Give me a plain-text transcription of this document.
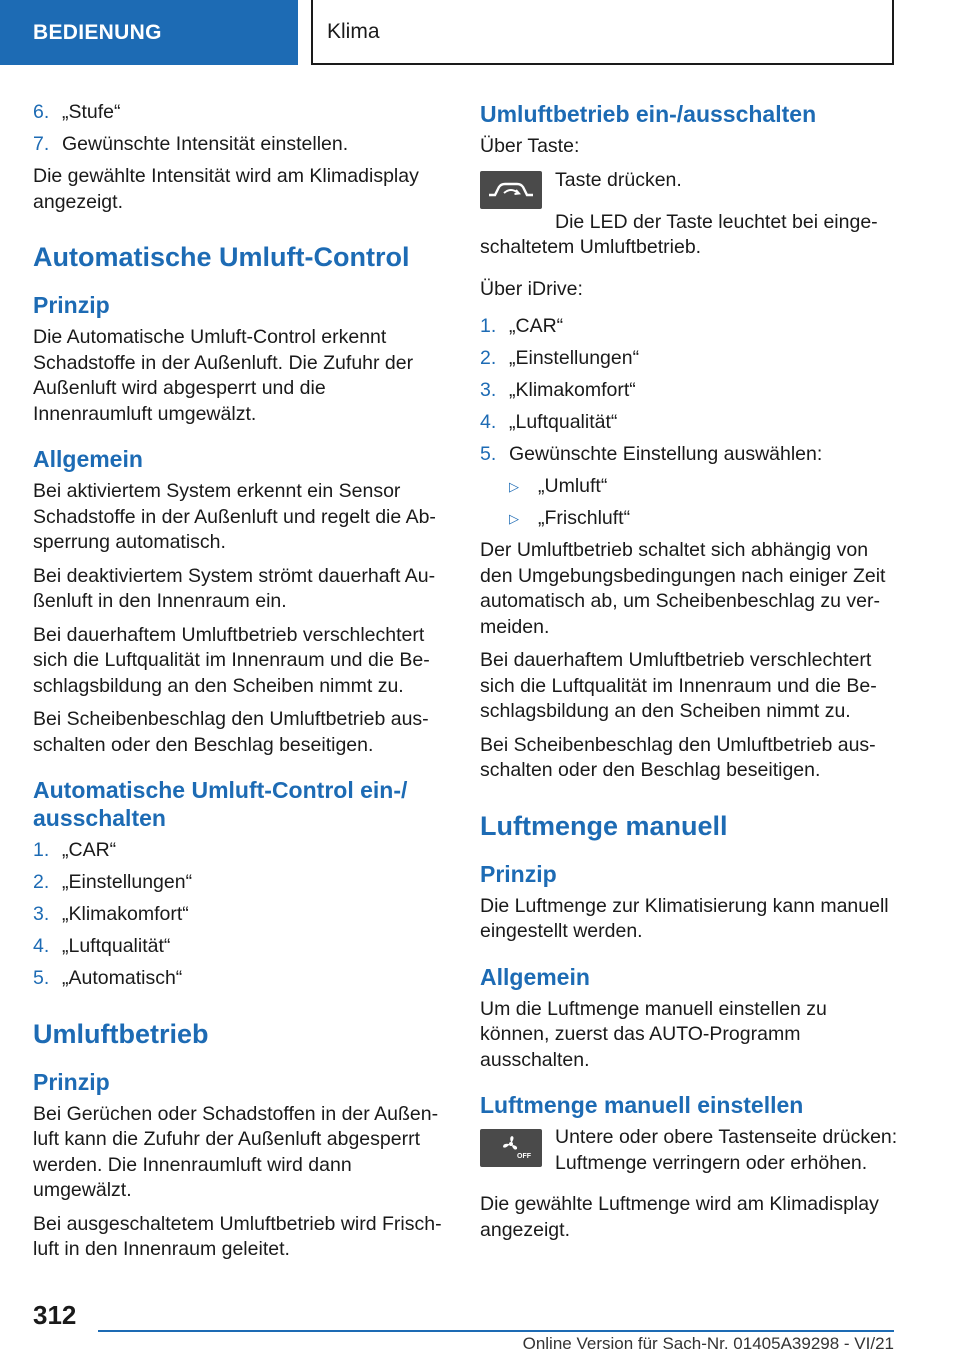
BEDIENUNG	Klima
6. „Stufe“
7. Gewünschte Intensität einstellen.

Die gewählte Intensität wird am Klimadisplay angezeigt.

Automatische Umluft-Control
Prinzip

Die Automatische Umluft-Control erkennt Schadstoffe in der Außenluft. Die Zufuhr der Außenluft wird abgesperrt und die Innenraumluft umgewälzt.

Allgemein

Bei aktiviertem System erkennt ein Sensor Schadstoffe in der Außenluft und regelt die Absperrung automatisch.

Bei deaktiviertem System strömt dauerhaft Außenluft in den Innenraum ein.

Bei dauerhaftem Umluftbetrieb verschlechtert sich die Luftqualität im Innenraum und die Beschlagsbildung an den Scheiben nimmt zu.

Bei Scheibenbeschlag den Umluftbetrieb ausschalten oder den Beschlag beseitigen.

Automatische Umluft-Control ein-/ ausschalten
1. „CAR“
2. „Einstellungen“
3. „Klimakomfort“
4. „Luftqualität“
5. „Automatisch“
Umluftbetrieb
Prinzip

Bei Gerüchen oder Schadstoffen in der Außenluft kann die Zufuhr der Außenluft abgesperrt werden. Die Innenraumluft wird dann umgewälzt.

Bei ausgeschaltetem Umluftbetrieb wird Frischluft in den Innenraum geleitet.

Umluftbetrieb ein-/ausschalten

Über Taste:

Taste drücken.

Die LED der Taste leuchtet bei eingeschaltetem Umluftbetrieb.

Über iDrive:

1. „CAR“
2. „Einstellungen“
3. „Klimakomfort“
4. „Luftqualität“
5. Gewünschte Einstellung auswählen:
▷ „Umluft“
▷ „Frischluft“

Der Umluftbetrieb schaltet sich abhängig von den Umgebungsbedingungen nach einiger Zeit automatisch ab, um Scheibenbeschlag zu vermeiden.

Bei dauerhaftem Umluftbetrieb verschlechtert sich die Luftqualität im Innenraum und die Beschlagsbildung an den Scheiben nimmt zu.

Bei Scheibenbeschlag den Umluftbetrieb ausschalten oder den Beschlag beseitigen.

Luftmenge manuell
Prinzip

Die Luftmenge zur Klimatisierung kann manuell eingestellt werden.

Allgemein

Um die Luftmenge manuell einstellen zu können, zuerst das AUTO-Programm ausschalten.

Luftmenge manuell einstellen
OFF

Untere oder obere Tastenseite drücken: Luftmenge verringern oder erhöhen.

Die gewählte Luftmenge wird am Klimadisplay angezeigt.

312
Online Version für Sach-Nr. 01405A39298 - VI/21
